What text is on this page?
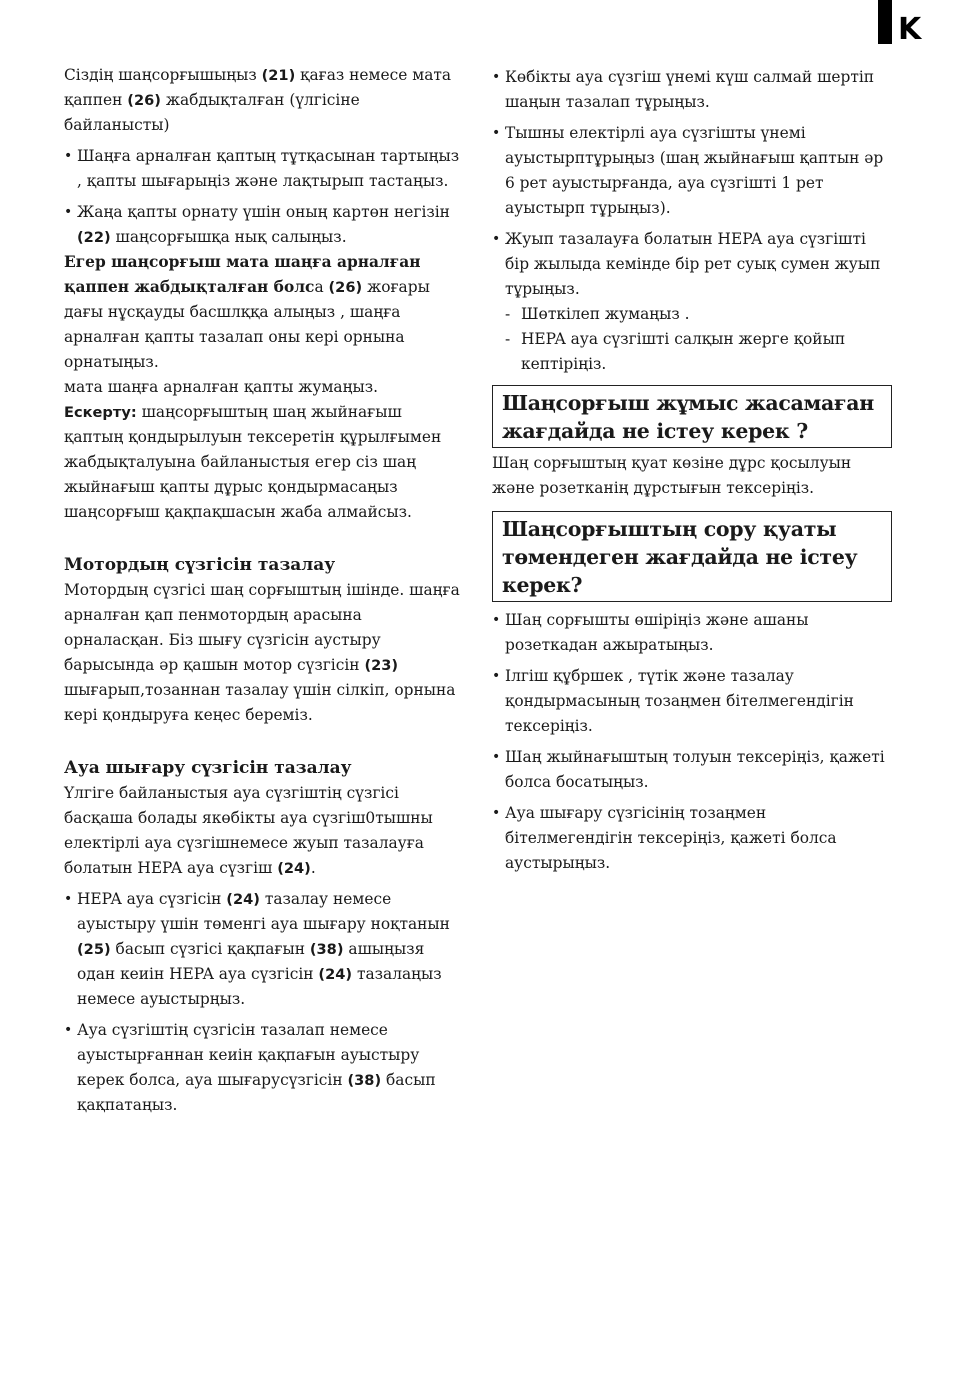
K

Сіздің шаңсорғышыңыз (21) қағаз немесе мата қаппен (26) жабдықталған (үлгісіне байланысты)

• Шаңға арналған қаптың тұтқасынан тартыңыз , қапты шығарыңіз және лақтырып тастаңыз.

• Жаңа қапты орнату үшін оның картөн негізін (22) шаңсорғышқа нық салыңыз.

Егер шаңсорғыш мата шаңға арналған қаппен жабдықталған болса (26) жоғары дағы нұсқауды басшлққа алыңыз , шаңға арналған қапты тазалап оны кері орнына орнатыңыз.

мата шаңға арналған қапты жумаңыз.

Ескерту: шаңсорғыштың шаң жыйнағыш қаптың қондырылуын тексеретін құрылғымен жабдықталуына байланыстыя егер сіз шаң жыйнағыш қапты дұрыс қондырмасаңыз шаңсорғыш қақпақшасын жаба алмайсыз.

Мотордың сүзгісін тазалау

Мотордың сүзгісі шаң сорғыштың ішінде. шаңға арналған қап пенмотордың арасына орналасқан. Біз шығу сүзгісін аустыру барысында әр қашын мотор сүзгісін (23) шығарып,тозаннан тазалау үшін сілкіп, орнына кері қондыруға кеңес береміз.

Ауа шығару сүзгісін тазалау

Үлгіге байланыстыя ауа сүзгіштің сүзгісі басқаша болады якөбікты ауа сүзгіш0тышны електірлі ауа сүзгішнемесе жуып тазалауға болатын HEPA ауа сүзгіш (24).

• HEPA ауа сүзгісін (24) тазалау немесе ауыстыру үшін төменгі ауа шығару ноқтанын (25) басып сүзгісі қақпағын (38) ашыңызя одан кеиін HEPA ауа сүзгісін (24) тазалаңыз немесе ауыстырңыз.

• Ауа сүзгіштің сүзгісін тазалап немесе ауыстырғаннан кеиін қақпағын ауыстыру керек болса, ауа шығарусүзгісін (38) басып қақпатаңыз.

• Көбікты ауа сүзгіш үнемі күш салмай шертіп шаңын тазалап тұрыңыз.

• Тышны електірлі ауа сүзгішты үнемі ауыстырптұрыңыз (шаң жыйнағыш қаптын әр 6 рет ауыстырғанда, ауа сүзгішті 1 рет ауыстырп тұрыңыз).

• Жуып тазалауға болатын HEPA ауа сүзгішті бір жылыда кемінде бір рет суық сумен жуып тұрыңыз.

- Шөткілеп жумаңыз .

- HEPA ауа сүзгішті салқын жерге қойып кептіріңіз.

Шаңсорғыш жұмыс жасамаған жағдайда не істеу керек ?

Шаң сорғыштың қуат көзіне дұрс қосылуын және розетканің дұрстығын тексеріңіз.

Шаңсорғыштың сору қуаты төмендеген жағдайда не істеу керек?

• Шаң сорғышты өшіріңіз және ашаны розеткадан ажыратыңыз.

• Ілгіш құбршек , түтік және тазалау қондырмасының тозаңмен бітелмегендігін тексеріңіз.

• Шаң жыйнағыштың толуын тексеріңіз, қажеті болса босатыңыз.

• Ауа шығару сүзгісінің тозаңмен бітелмегендігін тексеріңіз, қажеті болса аустырыңыз.
